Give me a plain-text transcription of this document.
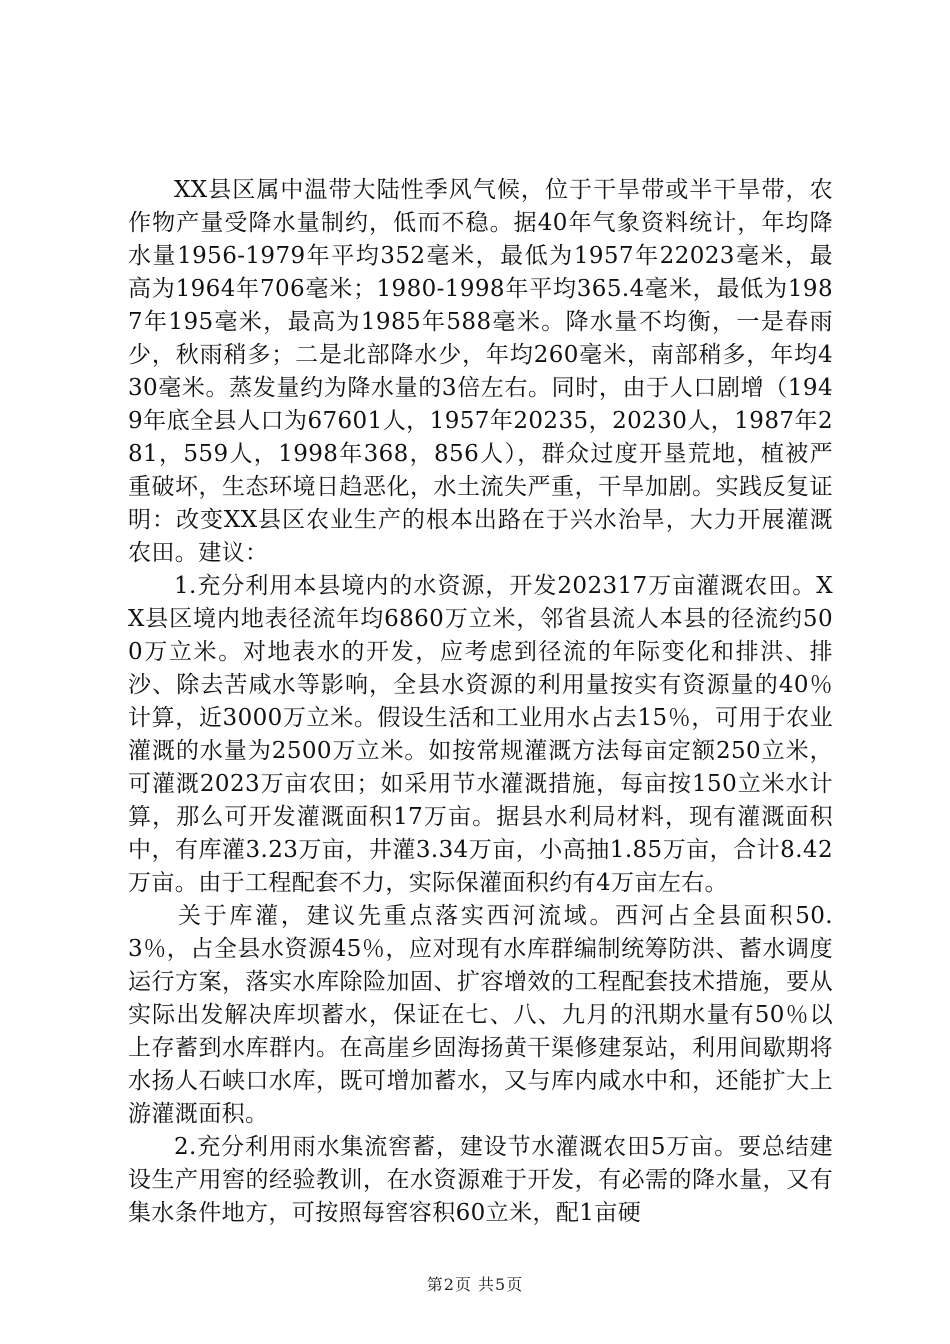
XX县区属中温带大陆性季风气候，位于干旱带或半干旱带，农作物产量受降水量制约，低而不稳。据40年气象资料统计，年均降水量1956-1979年平均352毫米，最低为1957年22023毫米，最高为1964年706毫米；1980-1998年平均365.4毫米，最低为1987年195毫米，最高为1985年588毫米。降水量不均衡，一是春雨少，秋雨稍多；二是北部降水少，年均260毫米，南部稍多，年均430毫米。蒸发量约为降水量的3倍左右。同时，由于人口剧增（1949年底全县人口为67601人，1957年20235，20230人，1987年281，559人，1998年368，856人），群众过度开垦荒地，植被严重破坏，生态环境日趋恶化，水土流失严重，干旱加剧。实践反复证明：改变XX县区农业生产的根本出路在于兴水治旱，大力开展灌溉农田。建议：

1.充分利用本县境内的水资源，开发202317万亩灌溉农田。XX县区境内地表径流年均6860万立米，邻省县流人本县的径流约500万立米。对地表水的开发，应考虑到径流的年际变化和排洪、排沙、除去苦咸水等影响，全县水资源的利用量按实有资源量的40％计算，近3000万立米。假设生活和工业用水占去15％，可用于农业灌溉的水量为2500万立米。如按常规灌溉方法每亩定额250立米，可灌溉2023万亩农田；如采用节水灌溉措施，每亩按150立米水计算，那么可开发灌溉面积17万亩。据县水利局材料，现有灌溉面积中，有库灌3.23万亩，井灌3.34万亩，小高抽1.85万亩，合计8.42万亩。由于工程配套不力，实际保灌面积约有4万亩左右。

关于库灌，建议先重点落实西河流域。西河占全县面积50.3％，占全县水资源45％，应对现有水库群编制统筹防洪、蓄水调度运行方案，落实水库除险加固、扩容增效的工程配套技术措施，要从实际出发解决库坝蓄水，保证在七、八、九月的汛期水量有50％以上存蓄到水库群内。在高崖乡固海扬黄干渠修建泵站，利用间歇期将水扬人石峡口水库，既可增加蓄水，又与库内咸水中和，还能扩大上游灌溉面积。

2.充分利用雨水集流窖蓄，建设节水灌溉农田5万亩。要总结建设生产用窖的经验教训，在水资源难于开发，有必需的降水量，又有集水条件地方，可按照每窖容积60立米，配1亩硬

第2页 共5页
